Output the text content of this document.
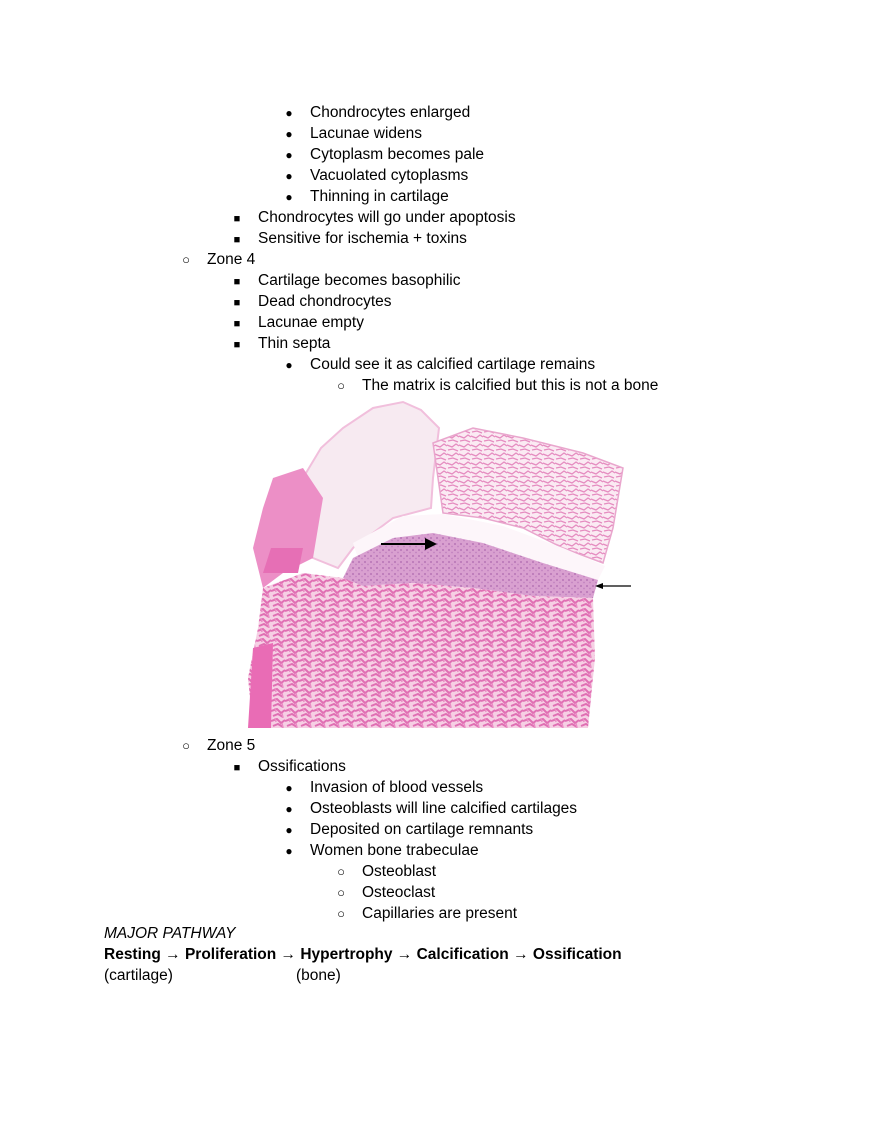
●
Chondrocytes enlarged
●
Lacunae widens
●
Cytoplasm becomes pale
●
Vacuolated cytoplasms
●
Thinning in cartilage
■
Chondrocytes will go under apoptosis
■
Sensitive for ischemia + toxins
○
Zone 4
■
Cartilage becomes basophilic
■
Dead chondrocytes
■
Lacunae empty
■
Thin septa
●
Could see it as calcified cartilage remains
○
The matrix is calcified but this is not a bone
○
Zone 5
■
Ossifications
●
Invasion of blood vessels
●
Osteoblasts will line calcified cartilages
●
Deposited on cartilage remnants
●
Women bone trabeculae
○
Osteoblast
○
Osteoclast
○
Capillaries are present
MAJOR PATHWAY
Resting → Proliferation → Hypertrophy → Calcification → Ossification
(cartilage)	(bone)
